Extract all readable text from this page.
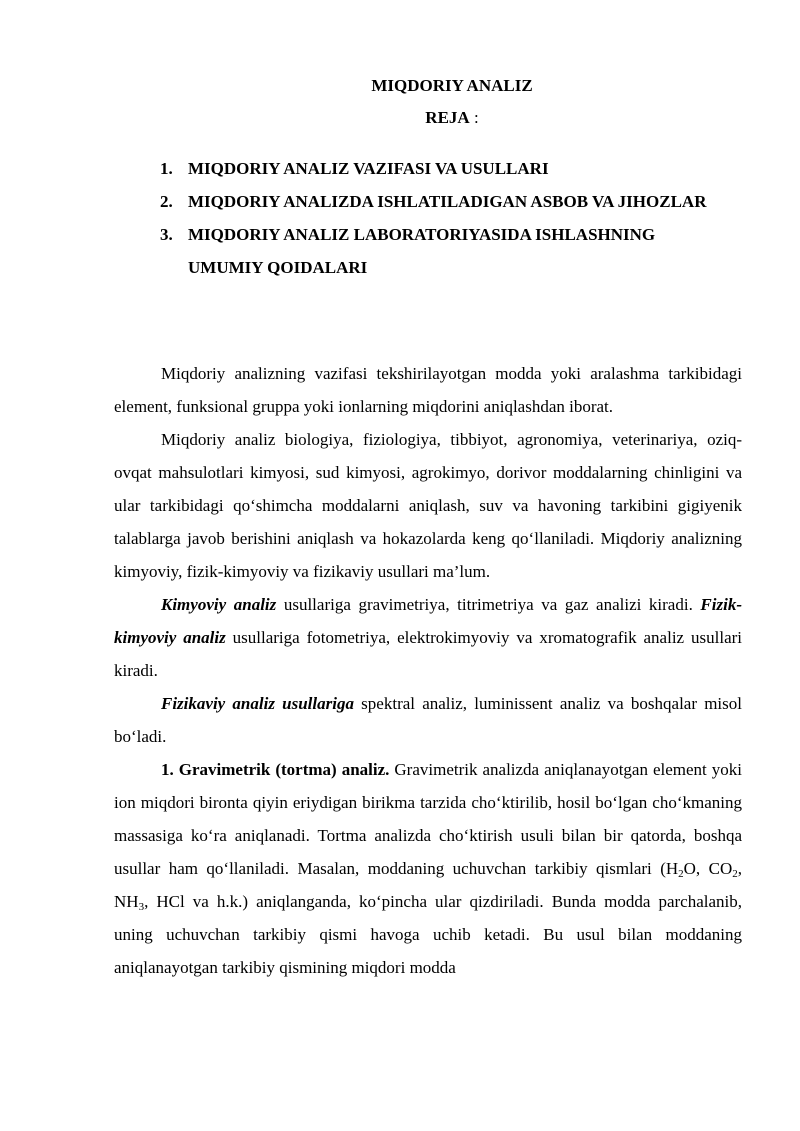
MIQDORIY ANALIZ
REJA :
1. MIQDORIY ANALIZ VAZIFASI VA USULLARI
2. MIQDORIY ANALIZDA ISHLATILADIGAN ASBOB VA JIHOZLAR
3. MIQDORIY ANALIZ LABORATORIYASIDA ISHLASHNING UMUMIY QOIDALARI

Miqdoriy analizning vazifasi tekshirilayotgan modda yoki aralashma tarkibidagi element, funksional gruppa yoki ionlarning miqdorini aniqlashdan iborat.

Miqdoriy analiz biologiya, fiziologiya, tibbiyot, agronomiya, veterinariya, oziq-ovqat mahsulotlari kimyosi, sud kimyosi, agrokimyo, dorivor moddalarning chinligini va ular tarkibidagi qo‘shimcha moddalarni aniqlash, suv va havoning tarkibini gigiyenik talablarga javob berishini aniqlash va hokazolarda keng qo‘llaniladi. Miqdoriy analizning kimyoviy, fizik-kimyoviy va fizikaviy usullari ma’lum.

Kimyoviy analiz usullariga gravimetriya, titrimetriya va gaz analizi kiradi. Fizik-kimyoviy analiz usullariga fotometriya, elektrokimyoviy va xromatografik analiz usullari kiradi.

Fizikaviy analiz usullariga spektral analiz, luminissent analiz va boshqalar misol bo‘ladi.

1. Gravimetrik (tortma) analiz. Gravimetrik analizda aniqlanayotgan element yoki ion miqdori bironta qiyin eriydigan birikma tarzida cho‘ktirilib, hosil bo‘lgan cho‘kmaning massasiga ko‘ra aniqlanadi. Tortma analizda cho‘ktirish usuli bilan bir qatorda, boshqa usullar ham qo‘llaniladi. Masalan, moddaning uchuvchan tarkibiy qismlari ($H_2O$, $CO_2$, $NH_3$, HCl va h.k.) aniqlanganda, ko‘pincha ular qizdiriladi. Bunda modda parchalanib, uning uchuvchan tarkibiy qismi havoga uchib ketadi. Bu usul bilan moddaning aniqlanayotgan tarkibiy qismining miqdori modda
